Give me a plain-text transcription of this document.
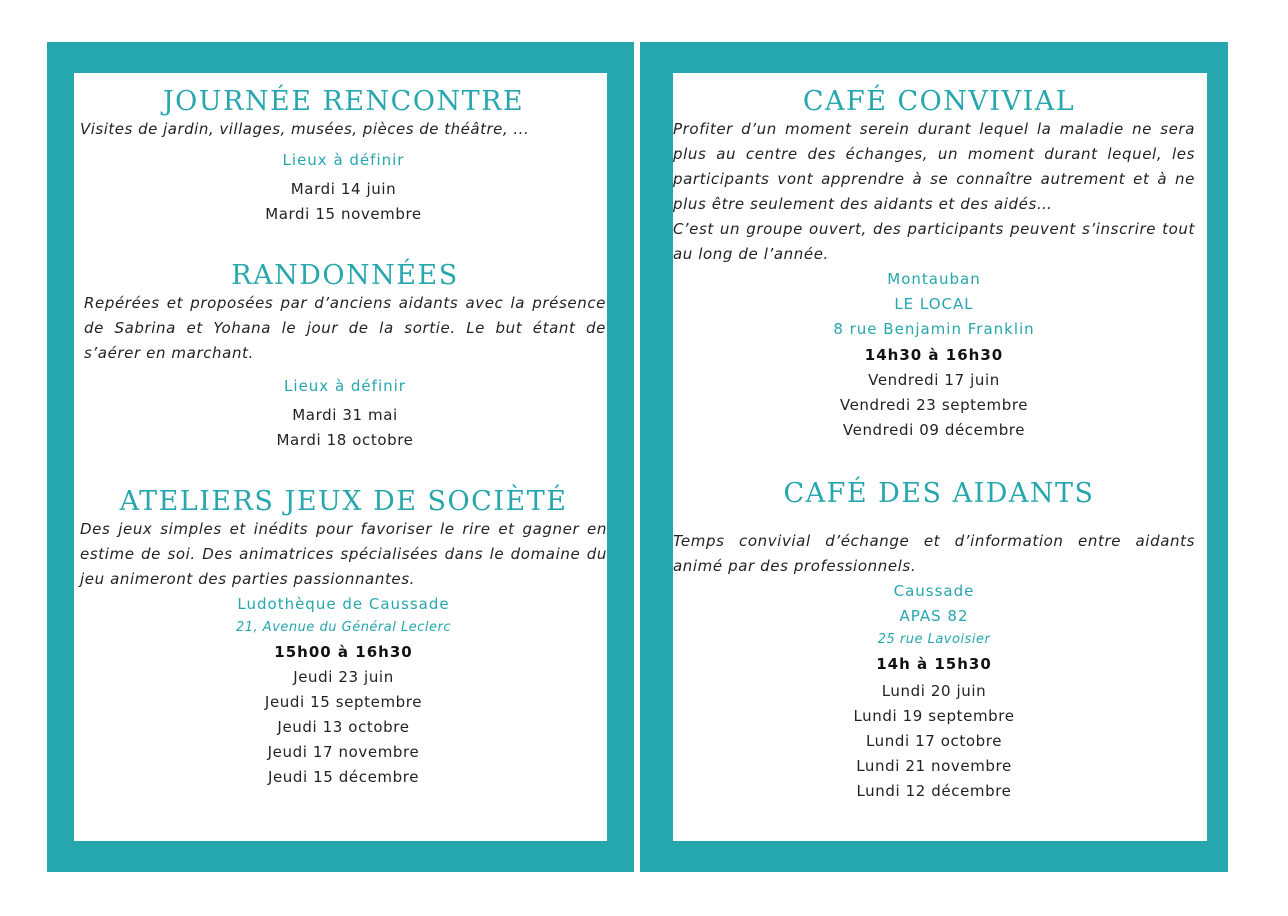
JOURNÉE RENCONTRE

Visites de jardin, villages, musées, pièces de théâtre, ...

Lieux à définir
Mardi 14 juin
Mardi 15 novembre
RANDONNÉES

Repérées et proposées par d’anciens aidants avec la présence de Sabrina et Yohana le jour de la sortie. Le but étant de s’aérer en marchant.

Lieux à définir
Mardi 31 mai
Mardi 18 octobre
ATELIERS JEUX DE SOCIÈTÉ

Des jeux simples et inédits pour favoriser le rire et gagner en estime de soi. Des animatrices spécialisées dans le domaine du jeu animeront des parties passionnantes.

Ludothèque de Caussade
21, Avenue du Général Leclerc
15h00 à 16h30
Jeudi 23 juin
Jeudi 15 septembre
Jeudi 13 octobre
Jeudi 17 novembre
Jeudi 15 décembre
CAFÉ CONVIVIAL

Profiter d’un moment serein durant lequel la maladie ne sera plus au centre des échanges, un moment durant lequel, les participants vont apprendre à se connaître autrement et à ne plus être seulement des aidants et des aidés…

C’est un groupe ouvert, des participants peuvent s’inscrire tout au long de l’année.

Montauban
LE LOCAL
8 rue Benjamin Franklin
14h30 à 16h30
Vendredi 17 juin
Vendredi 23 septembre
Vendredi 09 décembre
CAFÉ DES AIDANTS

Temps convivial d’échange et d’information entre aidants animé par des professionnels.

Caussade
APAS 82
25 rue Lavoisier
14h à 15h30
Lundi 20 juin
Lundi 19 septembre
Lundi 17 octobre
Lundi 21 novembre
Lundi 12 décembre
